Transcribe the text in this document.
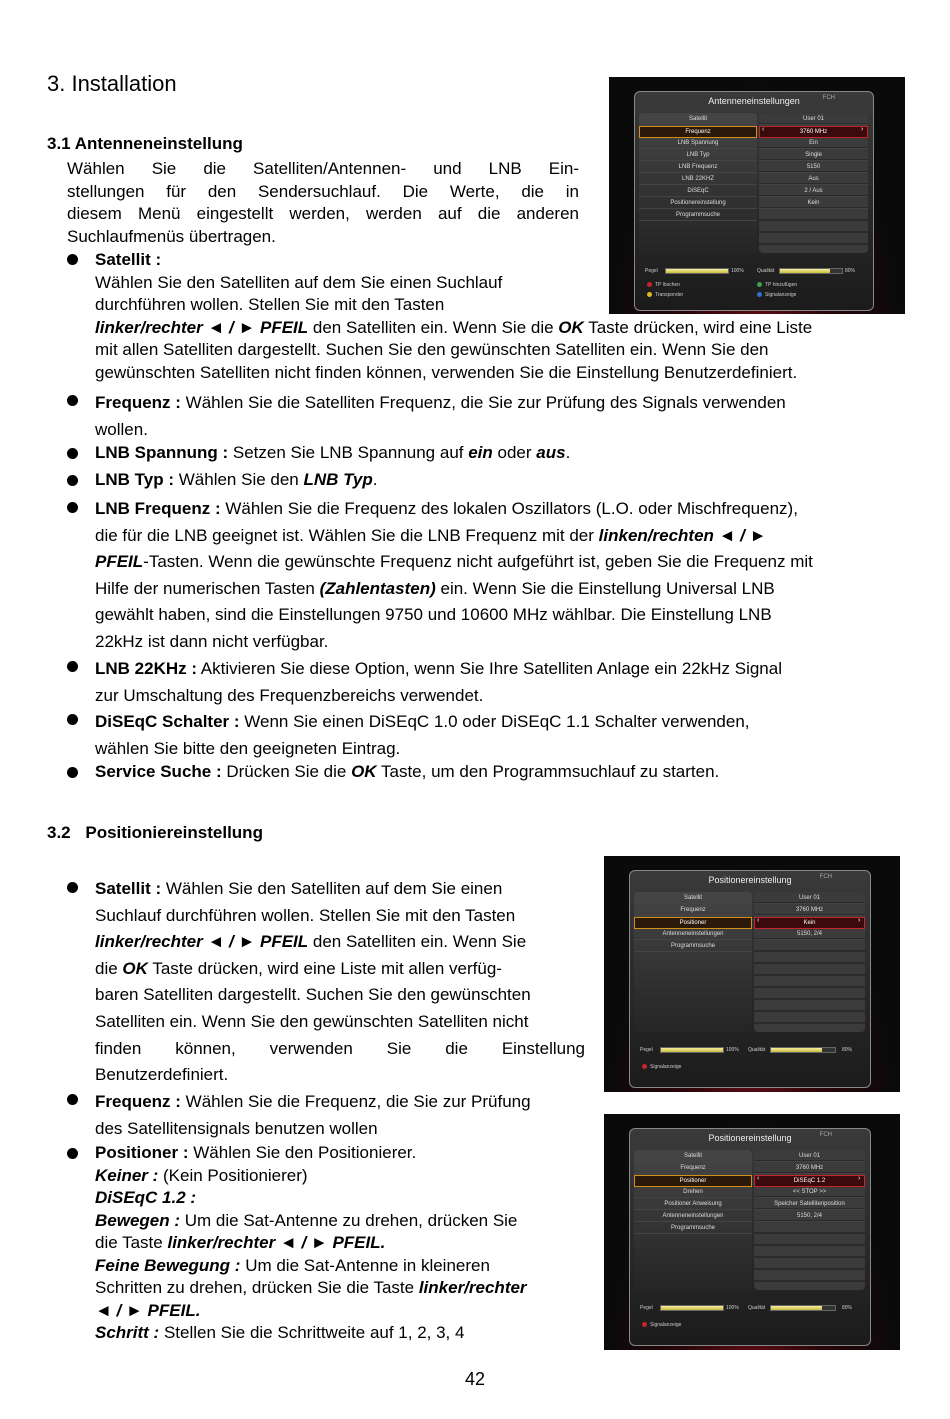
3. Installation
3.1 Antenneneinstellung
Wählen Sie die Satelliten/Antennen- und LNB Ein-
stellungen für den Sendersuchlauf. Die Werte, die in
diesem Menü eingestellt werden, werden auf die anderen
Suchlaufmenüs übertragen.
Satellit :
Wählen Sie den Satelliten auf dem Sie einen Suchlauf
durchführen wollen. Stellen Sie mit den Tasten
linker/rechter ◄ / ► PFEIL den Satelliten ein. Wenn Sie die OK Taste drücken, wird eine Liste
mit allen Satelliten dargestellt. Suchen Sie den gewünschten Satelliten ein. Wenn Sie den
gewünschten Satelliten nicht finden können, verwenden Sie die Einstellung Benutzerdefiniert.
Frequenz : Wählen Sie die Satelliten Frequenz, die Sie zur Prüfung des Signals verwenden
wollen.
LNB Spannung : Setzen Sie LNB Spannung auf ein oder aus.
LNB Typ : Wählen Sie den LNB Typ.
LNB Frequenz : Wählen Sie die Frequenz des lokalen Oszillators (L.O. oder Mischfrequenz),
die für die LNB geeignet ist. Wählen Sie die LNB Frequenz mit der linken/rechten ◄ / ►
PFEIL-Tasten. Wenn die gewünschte Frequenz nicht aufgeführt ist, geben Sie die Frequenz mit
Hilfe der numerischen Tasten (Zahlentasten) ein. Wenn Sie die Einstellung Universal LNB
gewählt haben, sind die Einstellungen 9750 und 10600 MHz wählbar. Die Einstellung LNB
22kHz ist dann nicht verfügbar.
LNB 22KHz : Aktivieren Sie diese Option, wenn Sie Ihre Satelliten Anlage ein 22kHz Signal
zur Umschaltung des Frequenzbereichs verwendet.
DiSEqC Schalter : Wenn Sie einen DiSEqC 1.0 oder DiSEqC 1.1 Schalter verwenden,
wählen Sie bitte den geeigneten Eintrag.
Service Suche : Drücken Sie die OK Taste, um den Programmsuchlauf zu starten.
3.2 Positioniereinstellung
Satellit : Wählen Sie den Satelliten auf dem Sie einen
Suchlauf durchführen wollen. Stellen Sie mit den Tasten
linker/rechter ◄ / ► PFEIL den Satelliten ein. Wenn Sie
die OK Taste drücken, wird eine Liste mit allen verfüg-
baren Satelliten dargestellt. Suchen Sie den gewünschten
Satelliten ein. Wenn Sie den gewünschten Satelliten nicht
finden können, verwenden Sie die Einstellung
Benutzerdefiniert.
Frequenz : Wählen Sie die Frequenz, die Sie zur Prüfung
des Satellitensignals benutzen wollen
Positioner : Wählen Sie den Positionierer.
Keiner : (Kein Positionierer)
DiSEqC 1.2 :
Bewegen : Um die Sat-Antenne zu drehen, drücken Sie
die Taste linker/rechter ◄ / ► PFEIL.
Feine Bewegung : Um die Sat-Antenne in kleineren
Schritten zu drehen, drücken Sie die Taste linker/rechter
◄ / ► PFEIL.
Schritt : Stellen Sie die Schrittweite auf 1, 2, 3, 4
42
Antenneneinstellungen	FCH
Satellit	User 01
Frequenz	3760 MHz
‹	›
LNB Spannung	Ein
LNB Typ	Single
LNB Frequenz	5150
LNB 22KHZ	Aus
DiSEqC	2 / Aus
Positionereinstellung	Kein
Programmsuche
Pegel	100%	Qualität	80%
TP löschen	TP hinzufügen
Transponder	Signalanzeige
Positionereinstellung	FCH
Satellit	User 01
Frequenz	3760 MHz
Positioner	Kein
‹	›
Antenneneinstellungen	5150, 2/4
Programmsuche
Pegel	100% Qualität	80%
Signalanzeige
Positionereinstellung	FCH
Satellit	User 01
Frequenz	3760 MHz
Positioner	DiSEqC 1.2
‹	›
Drehen	<< STOP >>
Positioner Anweisung	Speicher Satellitenposition
Antenneneinstellungen	5150, 2/4
Programmsuche
Pegel	100% Qualität	80%
Signalanzeige
